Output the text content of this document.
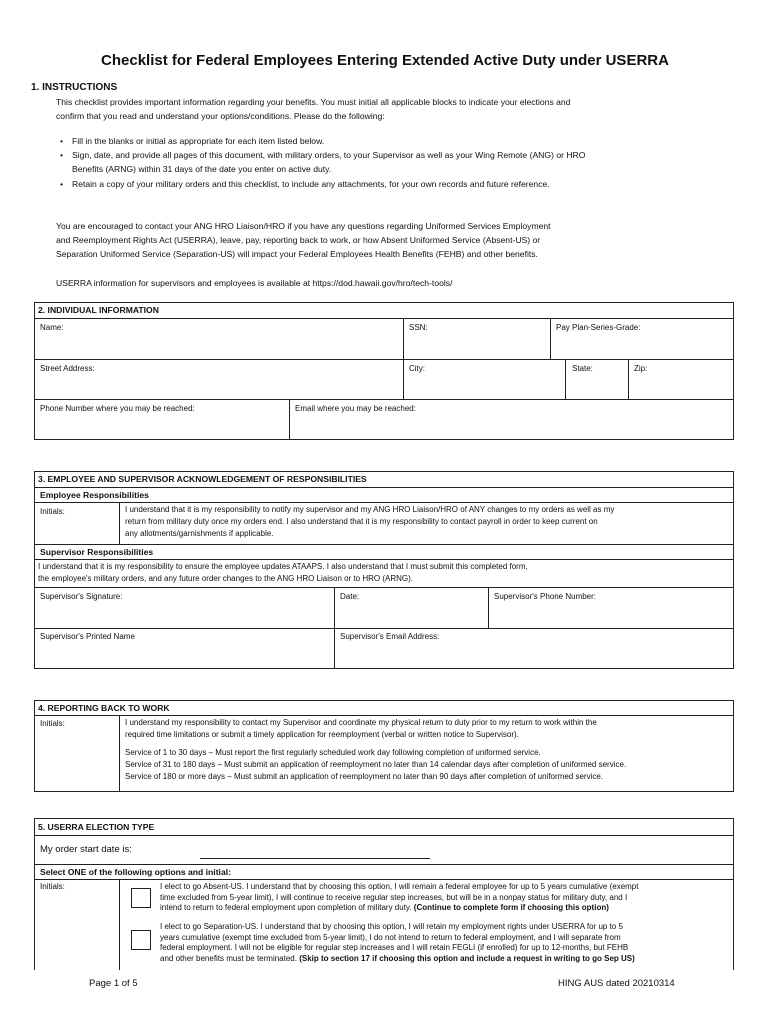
Checklist for Federal Employees Entering Extended Active Duty under USERRA
1. INSTRUCTIONS
This checklist provides important information regarding your benefits. You must initial all applicable blocks to indicate your elections and
confirm that you read and understand your options/conditions. Please do the following:
• Fill in the blanks or initial as appropriate for each item listed below.
• Sign, date, and provide all pages of this document, with military orders, to your Supervisor as well as your Wing Remote (ANG) or HRO
Benefits (ARNG) within 31 days of the date you enter on active duty.
• Retain a copy of your military orders and this checklist, to include any attachments, for your own records and future reference.
You are encouraged to contact your ANG HRO Liaison/HRO if you have any questions regarding Uniformed Services Employment
and Reemployment Rights Act (USERRA), leave, pay, reporting back to work, or how Absent Uniformed Service (Absent-US) or
Separation Uniformed Service (Separation-US) will impact your Federal Employees Health Benefits (FEHB) and other benefits.
USERRA information for supervisors and employees is available at https://dod.hawaii.gov/hro/tech-tools/
2. INDIVIDUAL INFORMATION
Name:	SSN:	Pay Plan-Series-Grade:
Street Address:	City:	State:	Zip:
Phone Number where you may be reached:	Email where you may be reached:
3. EMPLOYEE AND SUPERVISOR ACKNOWLEDGEMENT OF RESPONSIBILITIES
Employee Responsibilities
Initials:	I understand that it is my responsibility to notify my supervisor and my ANG HRO Liaison/HRO of ANY changes to my orders as well as my
return from military duty once my orders end. I also understand that it is my responsibility to contact payroll in order to keep current on
any allotments/garnishments if applicable.
Supervisor Responsibilities
I understand that it is my responsibility to ensure the employee updates ATAAPS. I also understand that I must submit this completed form,
the employee's military orders, and any future order changes to the ANG HRO Liaison or to HRO (ARNG).
Supervisor's Signature:	Date:	Supervisor's Phone Number:
Supervisor's Printed Name	Supervisor's Email Address:
4. REPORTING BACK TO WORK
Initials:	I understand my responsibility to contact my Supervisor and coordinate my physical return to duty prior to my return to work within the
required time limitations or submit a timely application for reemployment (verbal or written notice to Supervisor).
Service of 1 to 30 days – Must report the first regularly scheduled work day following completion of uniformed service.
Service of 31 to 180 days – Must submit an application of reemployment no later than 14 calendar days after completion of uniformed service.
Service of 180 or more days – Must submit an application of reemployment no later than 90 days after completion of uniformed service.
5. USERRA ELECTION TYPE
My order start date is:
Select ONE of the following options and initial:
Initials:	I elect to go Absent-US. I understand that by choosing this option, I will remain a federal employee for up to 5 years cumulative (exempt
time excluded from 5-year limit), I will continue to receive regular step increases, but will be in a nonpay status for military duty, and I
intend to return to federal employment upon completion of military duty. (Continue to complete form if choosing this option)
I elect to go Separation-US. I understand that by choosing this option, I will retain my employment rights under USERRA for up to 5
years cumulative (exempt time excluded from 5-year limit), I do not intend to return to federal employment, and I will separate from
federal employment. I will not be eligible for regular step increases and I will retain FEGLI (if enrolled) for up to 12-months, but FEHB
and other benefits must be terminated. (Skip to section 17 if choosing this option and include a request in writing to go Sep US)
Page 1 of 5	HING AUS dated 20210314
